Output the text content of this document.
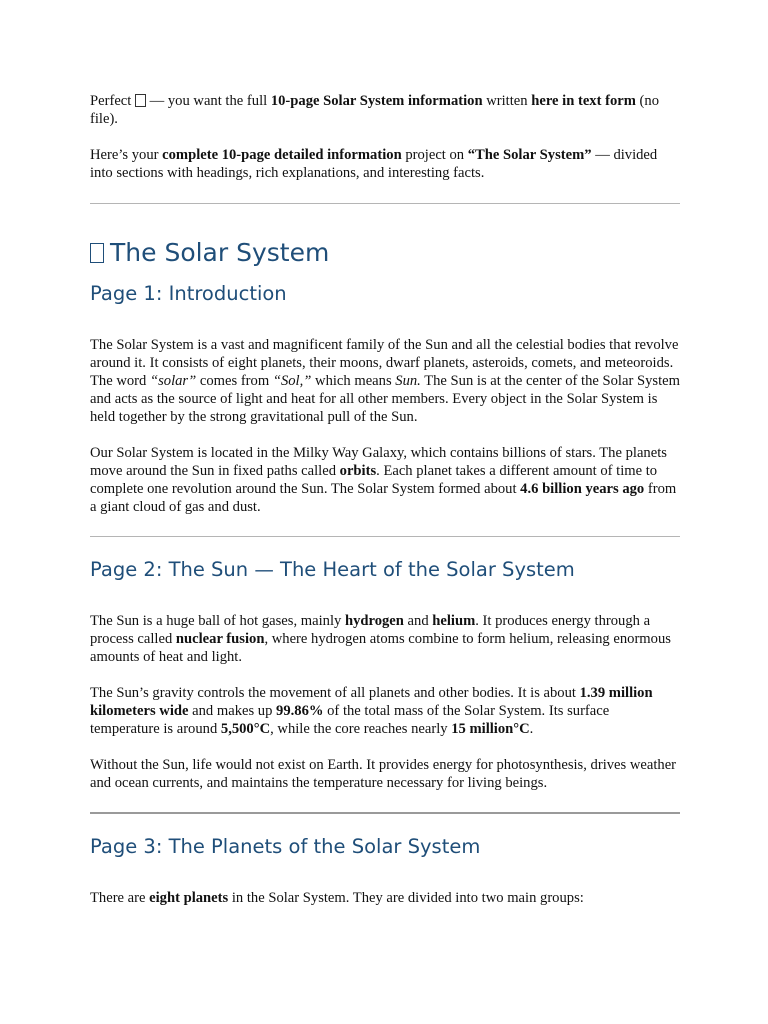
Perfect  — you want the full 10-page Solar System information written here in text form (no file).

Here’s your complete 10-page detailed information project on “The Solar System” — divided into sections with headings, rich explanations, and interesting facts.

The Solar System
Page 1: Introduction

The Solar System is a vast and magnificent family of the Sun and all the celestial bodies that revolve around it. It consists of eight planets, their moons, dwarf planets, asteroids, comets, and meteoroids. The word “solar” comes from “Sol,” which means Sun. The Sun is at the center of the Solar System and acts as the source of light and heat for all other members. Every object in the Solar System is held together by the strong gravitational pull of the Sun.

Our Solar System is located in the Milky Way Galaxy, which contains billions of stars. The planets move around the Sun in fixed paths called orbits. Each planet takes a different amount of time to complete one revolution around the Sun. The Solar System formed about 4.6 billion years ago from a giant cloud of gas and dust.

Page 2: The Sun — The Heart of the Solar System

The Sun is a huge ball of hot gases, mainly hydrogen and helium. It produces energy through a process called nuclear fusion, where hydrogen atoms combine to form helium, releasing enormous amounts of heat and light.

The Sun’s gravity controls the movement of all planets and other bodies. It is about 1.39 million kilometers wide and makes up 99.86% of the total mass of the Solar System. Its surface temperature is around 5,500°C, while the core reaches nearly 15 million°C.

Without the Sun, life would not exist on Earth. It provides energy for photosynthesis, drives weather and ocean currents, and maintains the temperature necessary for living beings.

Page 3: The Planets of the Solar System

There are eight planets in the Solar System. They are divided into two main groups:
